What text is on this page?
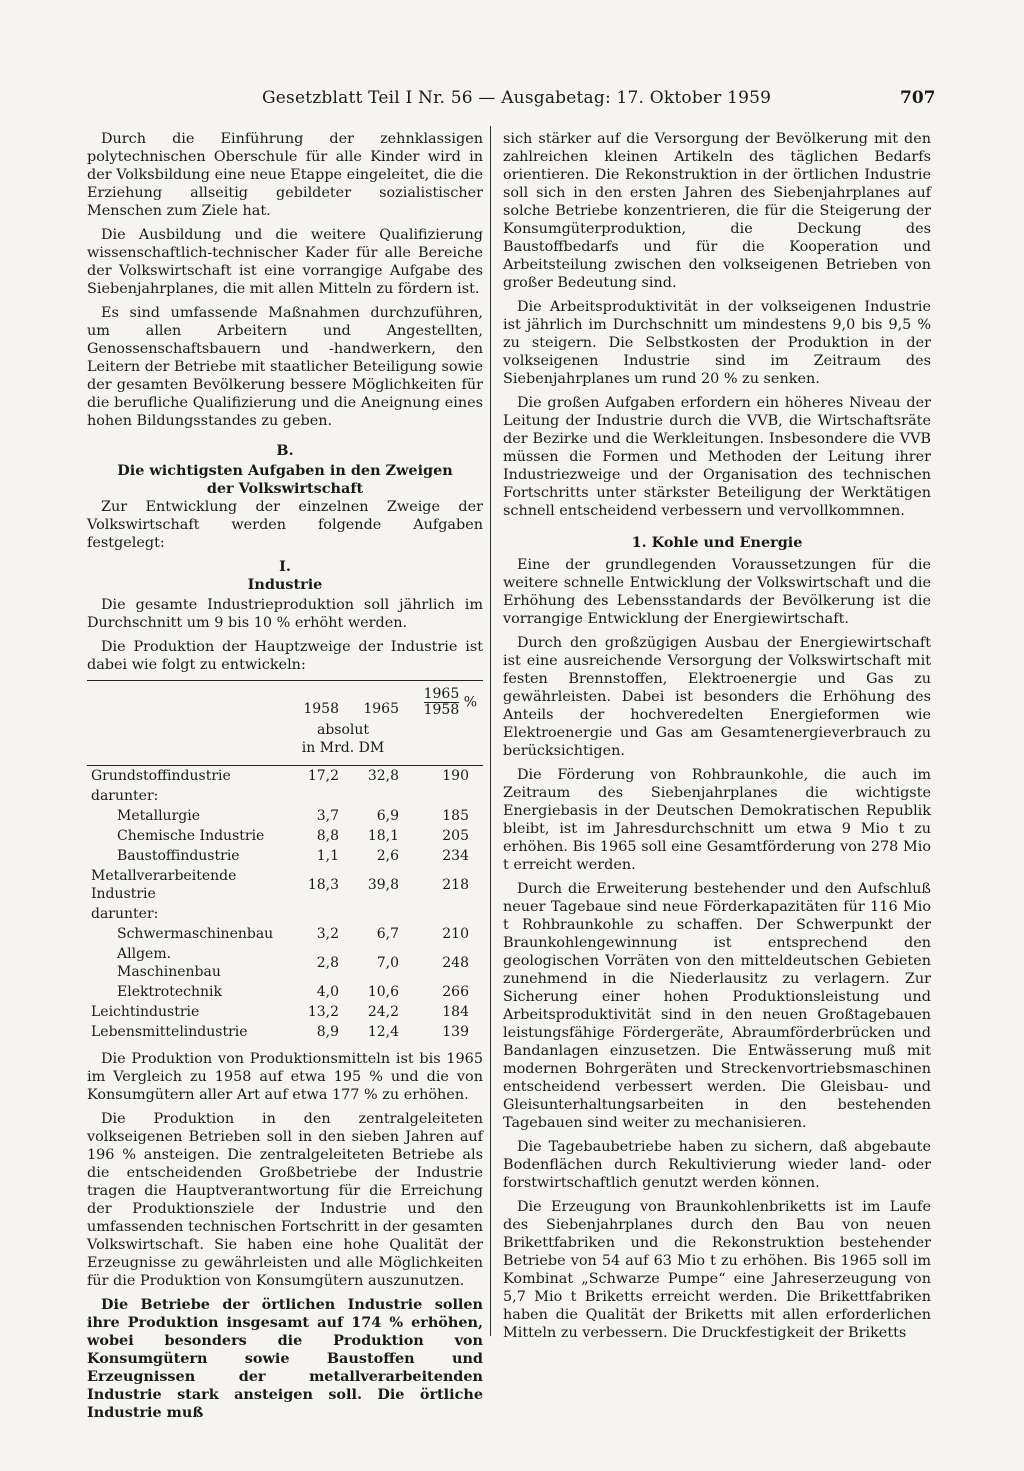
Gesetzblatt Teil I Nr. 56 — Ausgabetag: 17. Oktober 1959	707

Durch die Einführung der zehnklassigen polytechnischen Oberschule für alle Kinder wird in der Volksbildung eine neue Etappe eingeleitet, die die Erziehung allseitig gebildeter sozialistischer Menschen zum Ziele hat.

Die Ausbildung und die weitere Qualifizierung wissenschaftlich-technischer Kader für alle Bereiche der Volkswirtschaft ist eine vorrangige Aufgabe des Siebenjahrplanes, die mit allen Mitteln zu fördern ist.

Es sind umfassende Maßnahmen durchzuführen, um allen Arbeitern und Angestellten, Genossenschaftsbauern und -handwerkern, den Leitern der Betriebe mit staatlicher Beteiligung sowie der gesamten Bevölkerung bessere Möglichkeiten für die berufliche Qualifizierung und die Aneignung eines hohen Bildungsstandes zu geben.

B.
Die wichtigsten Aufgaben in den Zweigen der Volkswirtschaft

Zur Entwicklung der einzelnen Zweige der Volkswirtschaft werden folgende Aufgaben festgelegt:

I.
Industrie

Die gesamte Industrieproduktion soll jährlich im Durchschnitt um 9 bis 10 % erhöht werden.

Die Produktion der Hauptzweige der Industrie ist dabei wie folgt zu entwickeln:

	1958	1965	$\frac{1965}{1958}$ %

	absolut
in Mrd. DM		

Grundstoffindustrie	17,2	32,8	190
darunter:			
Metallurgie	3,7	6,9	185
Chemische Industrie	8,8	18,1	205
Baustoffindustrie	1,1	2,6	234
Metallverarbeitende Industrie	18,3	39,8	218
darunter:			
Schwermaschinenbau	3,2	6,7	210
Allgem. Maschinenbau	2,8	7,0	248
Elektrotechnik	4,0	10,6	266
Leichtindustrie	13,2	24,2	184
Lebensmittelindustrie	8,9	12,4	139

Die Produktion von Produktionsmitteln ist bis 1965 im Vergleich zu 1958 auf etwa 195 % und die von Konsumgütern aller Art auf etwa 177 % zu erhöhen.

Die Produktion in den zentralgeleiteten volkseigenen Betrieben soll in den sieben Jahren auf 196 % ansteigen. Die zentralgeleiteten Betriebe als die entscheidenden Großbetriebe der Industrie tragen die Hauptverantwortung für die Erreichung der Produktionsziele der Industrie und den umfassenden technischen Fortschritt in der gesamten Volkswirtschaft. Sie haben eine hohe Qualität der Erzeugnisse zu gewährleisten und alle Möglichkeiten für die Produktion von Konsumgütern auszunutzen.

Die Betriebe der örtlichen Industrie sollen ihre Produktion insgesamt auf 174 % erhöhen, wobei besonders die Produktion von Konsumgütern sowie Baustoffen und Erzeugnissen der metallverarbeitenden Industrie stark ansteigen soll. Die örtliche Industrie muß

sich stärker auf die Versorgung der Bevölkerung mit den zahlreichen kleinen Artikeln des täglichen Bedarfs orientieren. Die Rekonstruktion in der örtlichen Industrie soll sich in den ersten Jahren des Siebenjahrplanes auf solche Betriebe konzentrieren, die für die Steigerung der Konsumgüterproduktion, die Deckung des Baustoffbedarfs und für die Kooperation und Arbeitsteilung zwischen den volkseigenen Betrieben von großer Bedeutung sind.

Die Arbeitsproduktivität in der volkseigenen Industrie ist jährlich im Durchschnitt um mindestens 9,0 bis 9,5 % zu steigern. Die Selbstkosten der Produktion in der volkseigenen Industrie sind im Zeitraum des Siebenjahrplanes um rund 20 % zu senken.

Die großen Aufgaben erfordern ein höheres Niveau der Leitung der Industrie durch die VVB, die Wirtschaftsräte der Bezirke und die Werkleitungen. Insbesondere die VVB müssen die Formen und Methoden der Leitung ihrer Industriezweige und der Organisation des technischen Fortschritts unter stärkster Beteiligung der Werktätigen schnell entscheidend verbessern und vervollkommnen.

1. Kohle und Energie

Eine der grundlegenden Voraussetzungen für die weitere schnelle Entwicklung der Volkswirtschaft und die Erhöhung des Lebensstandards der Bevölkerung ist die vorrangige Entwicklung der Energiewirtschaft.

Durch den großzügigen Ausbau der Energiewirtschaft ist eine ausreichende Versorgung der Volkswirtschaft mit festen Brennstoffen, Elektroenergie und Gas zu gewährleisten. Dabei ist besonders die Erhöhung des Anteils der hochveredelten Energieformen wie Elektroenergie und Gas am Gesamtenergieverbrauch zu berücksichtigen.

Die Förderung von Rohbraunkohle, die auch im Zeitraum des Siebenjahrplanes die wichtigste Energiebasis in der Deutschen Demokratischen Republik bleibt, ist im Jahresdurchschnitt um etwa 9 Mio t zu erhöhen. Bis 1965 soll eine Gesamtförderung von 278 Mio t erreicht werden.

Durch die Erweiterung bestehender und den Aufschluß neuer Tagebaue sind neue Förderkapazitäten für 116 Mio t Rohbraunkohle zu schaffen. Der Schwerpunkt der Braunkohlengewinnung ist entsprechend den geologischen Vorräten von den mitteldeutschen Gebieten zunehmend in die Niederlausitz zu verlagern. Zur Sicherung einer hohen Produktionsleistung und Arbeitsproduktivität sind in den neuen Großtagebauen leistungsfähige Fördergeräte, Abraumförderbrücken und Bandanlagen einzusetzen. Die Entwässerung muß mit modernen Bohrgeräten und Streckenvortriebsmaschinen entscheidend verbessert werden. Die Gleisbau- und Gleisunterhaltungsarbeiten in den bestehenden Tagebauen sind weiter zu mechanisieren.

Die Tagebaubetriebe haben zu sichern, daß abgebaute Bodenflächen durch Rekultivierung wieder land- oder forstwirtschaftlich genutzt werden können.

Die Erzeugung von Braunkohlenbriketts ist im Laufe des Siebenjahrplanes durch den Bau von neuen Brikettfabriken und die Rekonstruktion bestehender Betriebe von 54 auf 63 Mio t zu erhöhen. Bis 1965 soll im Kombinat „Schwarze Pumpe“ eine Jahreserzeugung von 5,7 Mio t Briketts erreicht werden. Die Brikettfabriken haben die Qualität der Briketts mit allen erforderlichen Mitteln zu verbessern. Die Druckfestigkeit der Briketts
